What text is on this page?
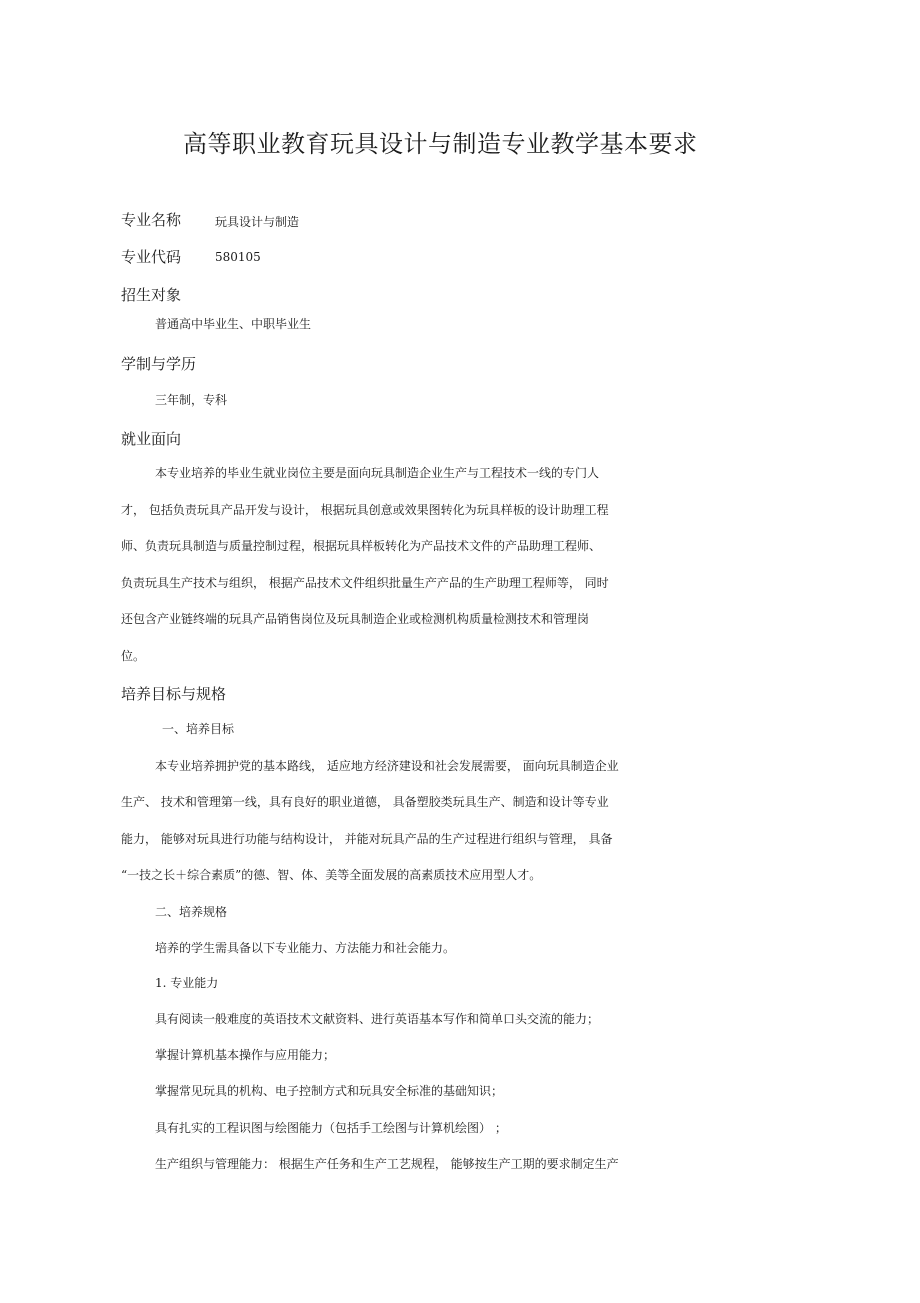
高等职业教育玩具设计与制造专业教学基本要求
专业名称	玩具设计与制造
专业代码	580105
招生对象
普通高中毕业生、中职毕业生
学制与学历
三年制，专科
就业面向
本专业培养的毕业生就业岗位主要是面向玩具制造企业生产与工程技术一线的专门人
才， 包括负责玩具产品开发与设计， 根据玩具创意或效果图转化为玩具样板的设计助理工程
师、负责玩具制造与质量控制过程，根据玩具样板转化为产品技术文件的产品助理工程师、
负责玩具生产技术与组织， 根据产品技术文件组织批量生产产品的生产助理工程师等， 同时
还包含产业链终端的玩具产品销售岗位及玩具制造企业或检测机构质量检测技术和管理岗
位。
培养目标与规格
一、培养目标
本专业培养拥护党的基本路线， 适应地方经济建设和社会发展需要， 面向玩具制造企业
生产、 技术和管理第一线，具有良好的职业道德， 具备塑胶类玩具生产、制造和设计等专业
能力， 能够对玩具进行功能与结构设计， 并能对玩具产品的生产过程进行组织与管理， 具备
“一技之长＋综合素质”的德、智、体、美等全面发展的高素质技术应用型人才。
二、培养规格
培养的学生需具备以下专业能力、方法能力和社会能力。
1. 专业能力
具有阅读一般难度的英语技术文献资料、进行英语基本写作和简单口头交流的能力；
掌握计算机基本操作与应用能力；
掌握常见玩具的机构、电子控制方式和玩具安全标准的基础知识；
具有扎实的工程识图与绘图能力（包括手工绘图与计算机绘图） ；
生产组织与管理能力： 根据生产任务和生产工艺规程， 能够按生产工期的要求制定生产
